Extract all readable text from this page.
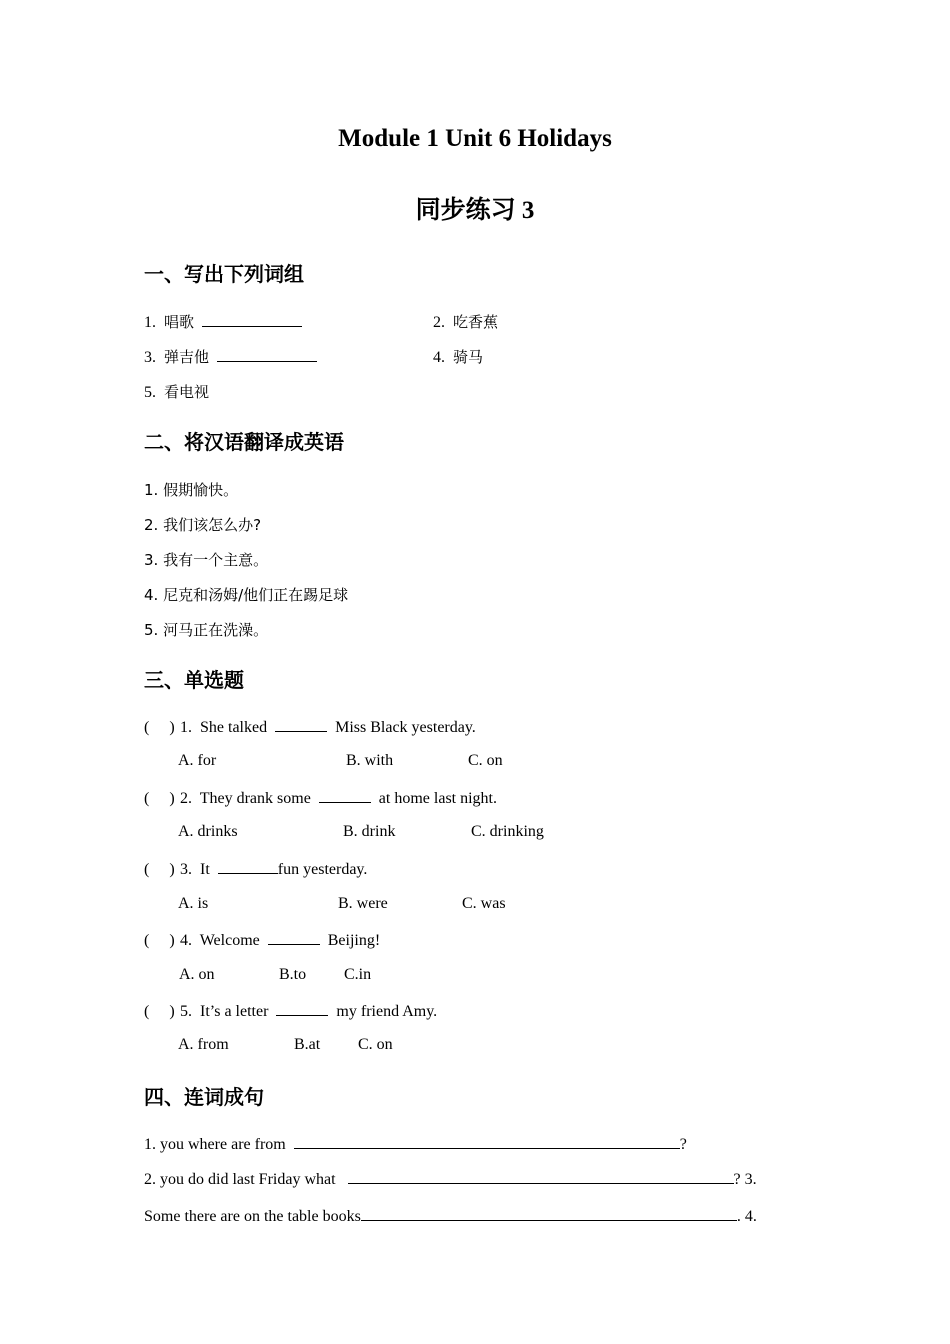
Module 1 Unit 6 Holidays
同步练习 3
一、写出下列词组
1. 唱歌	2. 吃香蕉
3. 弹吉他	4. 骑马
5. 看电视
二、将汉语翻译成英语
1. 假期愉快。
2. 我们该怎么办?
3. 我有一个主意。
4. 尼克和汤姆/他们正在踢足球
5. 河马正在洗澡。
三、单选题
( ) 1. She talked	Miss Black yesterday.
A. for	B. with	C. on
( ) 2. They drank some	at home last night.
A. drinks	B. drink	C. drinking
( ) 3. It	fun yesterday.
A. is	B. were	C. was
( ) 4. Welcome	Beijing!
A. on	B.to C.in
( ) 5. It’s a letter	my friend Amy.
A. from	B.at C. on
四、连词成句
1. you where are from	?
2. you do did last Friday what	? 3.
Some there are on the table books	. 4.
